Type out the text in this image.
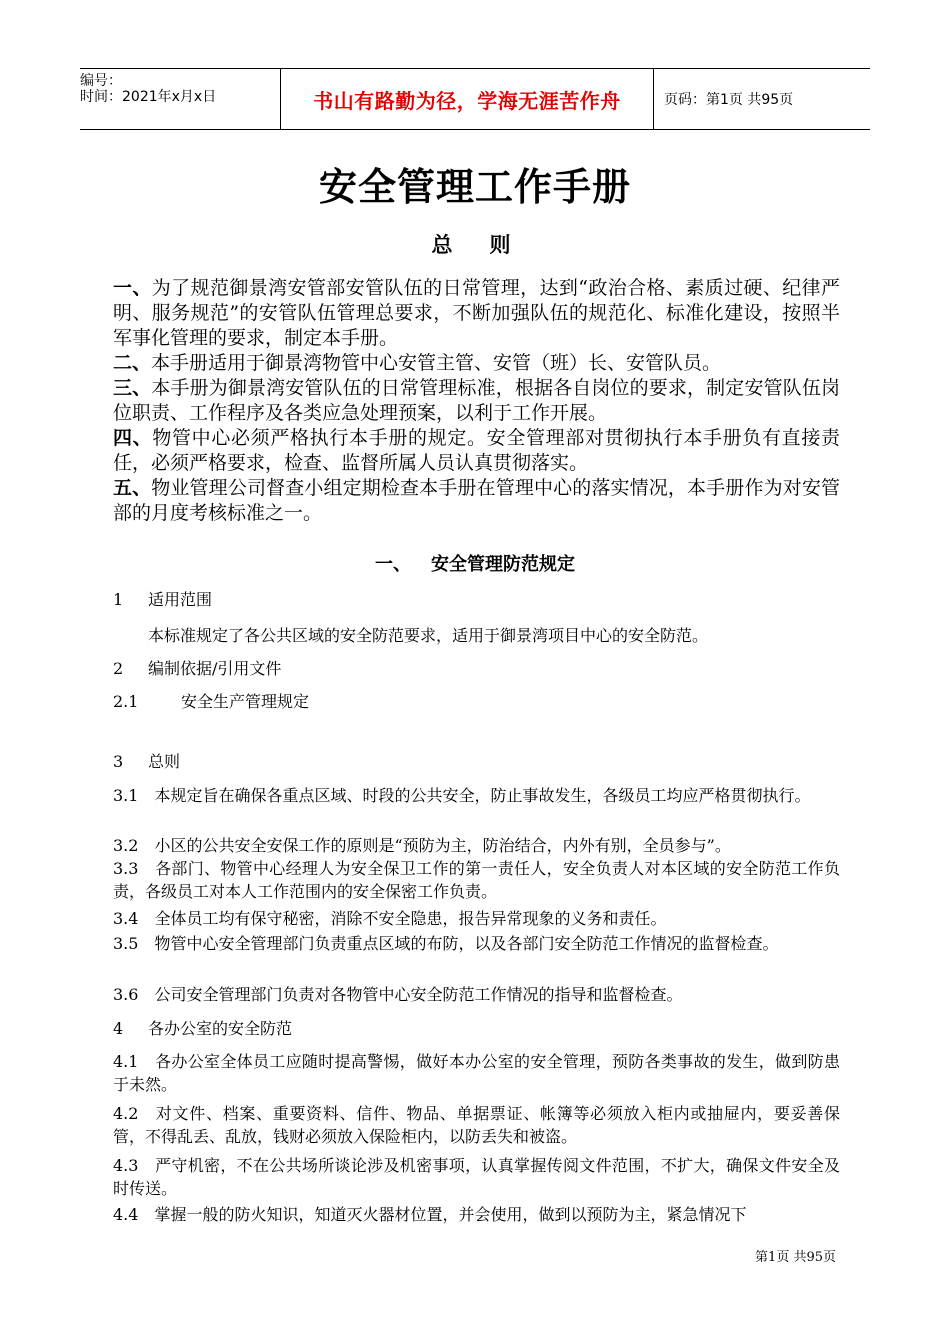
编号：
时间：2021年x月x日	书山有路勤为径，学海无涯苦作舟	页码：第1页 共95页
安全管理工作手册
总　则

一、为了规范御景湾安管部安管队伍的日常管理，达到“政治合格、素质过硬、纪律严明、服务规范”的安管队伍管理总要求，不断加强队伍的规范化、标准化建设，按照半军事化管理的要求，制定本手册。

二、本手册适用于御景湾物管中心安管主管、安管（班）长、安管队员。

三、本手册为御景湾安管队伍的日常管理标准，根据各自岗位的要求，制定安管队伍岗位职责、工作程序及各类应急处理预案，以利于工作开展。

四、物管中心必须严格执行本手册的规定。安全管理部对贯彻执行本手册负有直接责任，必须严格要求，检查、监督所属人员认真贯彻落实。

五、物业管理公司督查小组定期检查本手册在管理中心的落实情况，本手册作为对安管部的月度考核标准之一。

一、 安全管理防范规定
1 适用范围
本标准规定了各公共区域的安全防范要求，适用于御景湾项目中心的安全防范。
2 编制依据/引用文件
2.1	安全生产管理规定
3 总则
3.1　 本规定旨在确保各重点区域、时段的公共安全，防止事故发生，各级员工均应严格贯彻执行。
3.2　 小区的公共安全安保工作的原则是“预防为主，防治结合，内外有别，全员参与”。
3.3　 各部门、物管中心经理人为安全保卫工作的第一责任人，安全负责人对本区域的安全防范工作负责，各级员工对本人工作范围内的安全保密工作负责。
3.4　 全体员工均有保守秘密，消除不安全隐患，报告异常现象的义务和责任。
3.5　 物管中心安全管理部门负责重点区域的布防，以及各部门安全防范工作情况的监督检查。
3.6　 公司安全管理部门负责对各物管中心安全防范工作情况的指导和监督检查。
4 各办公室的安全防范
4.1　 各办公室全体员工应随时提高警惕，做好本办公室的安全管理，预防各类事故的发生，做到防患于未然。
4.2　 对文件、档案、重要资料、信件、物品、单据票证、帐簿等必须放入柜内或抽屉内，要妥善保管，不得乱丢、乱放，钱财必须放入保险柜内，以防丢失和被盗。
4.3　 严守机密，不在公共场所谈论涉及机密事项，认真掌握传阅文件范围，不扩大，确保文件安全及时传送。
4.4　 掌握一般的防火知识，知道灭火器材位置，并会使用，做到以预防为主，紧急情况下
第1页 共95页
